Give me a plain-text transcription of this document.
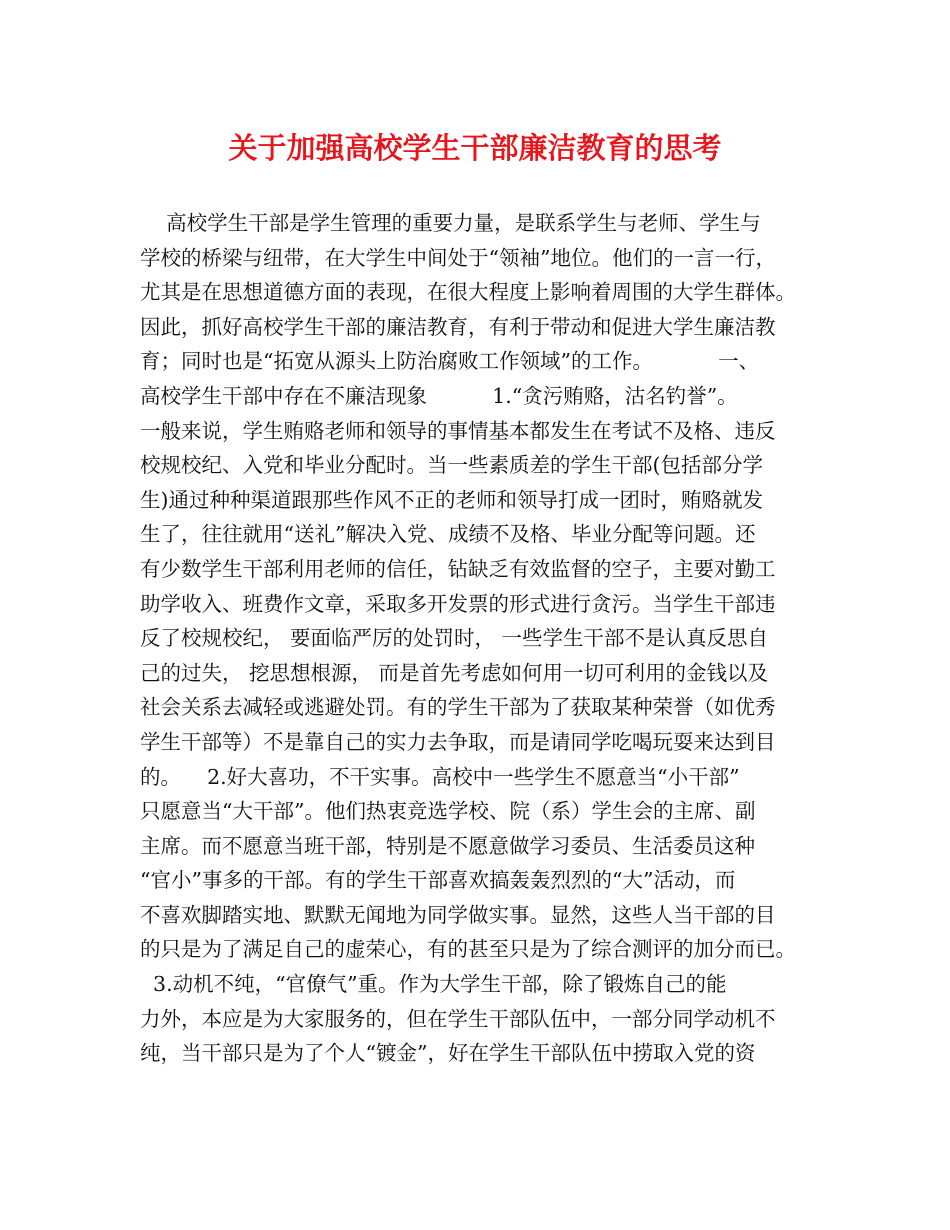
关于加强高校学生干部廉洁教育的思考
高校学生干部是学生管理的重要力量，是联系学生与老师、学生与
学校的桥梁与纽带，在大学生中间处于“领袖”地位。他们的一言一行，
尤其是在思想道德方面的表现，在很大程度上影响着周围的大学生群体。
因此，抓好高校学生干部的廉洁教育，有利于带动和促进大学生廉洁教
育；同时也是“拓宽从源头上防治腐败工作领域”的工作。          一、
高校学生干部中存在不廉洁现象          1.“贪污贿赂，沽名钓誉”。
一般来说，学生贿赂老师和领导的事情基本都发生在考试不及格、违反
校规校纪、入党和毕业分配时。当一些素质差的学生干部(包括部分学
生)通过种种渠道跟那些作风不正的老师和领导打成一团时，贿赂就发
生了，往往就用“送礼”解决入党、成绩不及格、毕业分配等问题。还
有少数学生干部利用老师的信任，钻缺乏有效监督的空子，主要对勤工
助学收入、班费作文章，采取多开发票的形式进行贪污。当学生干部违
反了校规校纪， 要面临严厉的处罚时， 一些学生干部不是认真反思自
己的过失， 挖思想根源， 而是首先考虑如何用一切可利用的金钱以及
社会关系去减轻或逃避处罚。有的学生干部为了获取某种荣誉（如优秀
学生干部等）不是靠自己的实力去争取，而是请同学吃喝玩耍来达到目
的。    2.好大喜功，不干实事。高校中一些学生不愿意当“小干部”
只愿意当“大干部”。他们热衷竞选学校、院（系）学生会的主席、副
主席。而不愿意当班干部，特别是不愿意做学习委员、生活委员这种
“官小”事多的干部。有的学生干部喜欢搞轰轰烈烈的“大”活动，而
不喜欢脚踏实地、默默无闻地为同学做实事。显然，这些人当干部的目
的只是为了满足自己的虚荣心，有的甚至只是为了综合测评的加分而已。
3.动机不纯，“官僚气”重。作为大学生干部，除了锻炼自己的能
力外，本应是为大家服务的，但在学生干部队伍中，一部分同学动机不
纯，当干部只是为了个人“镀金”，好在学生干部队伍中捞取入党的资
